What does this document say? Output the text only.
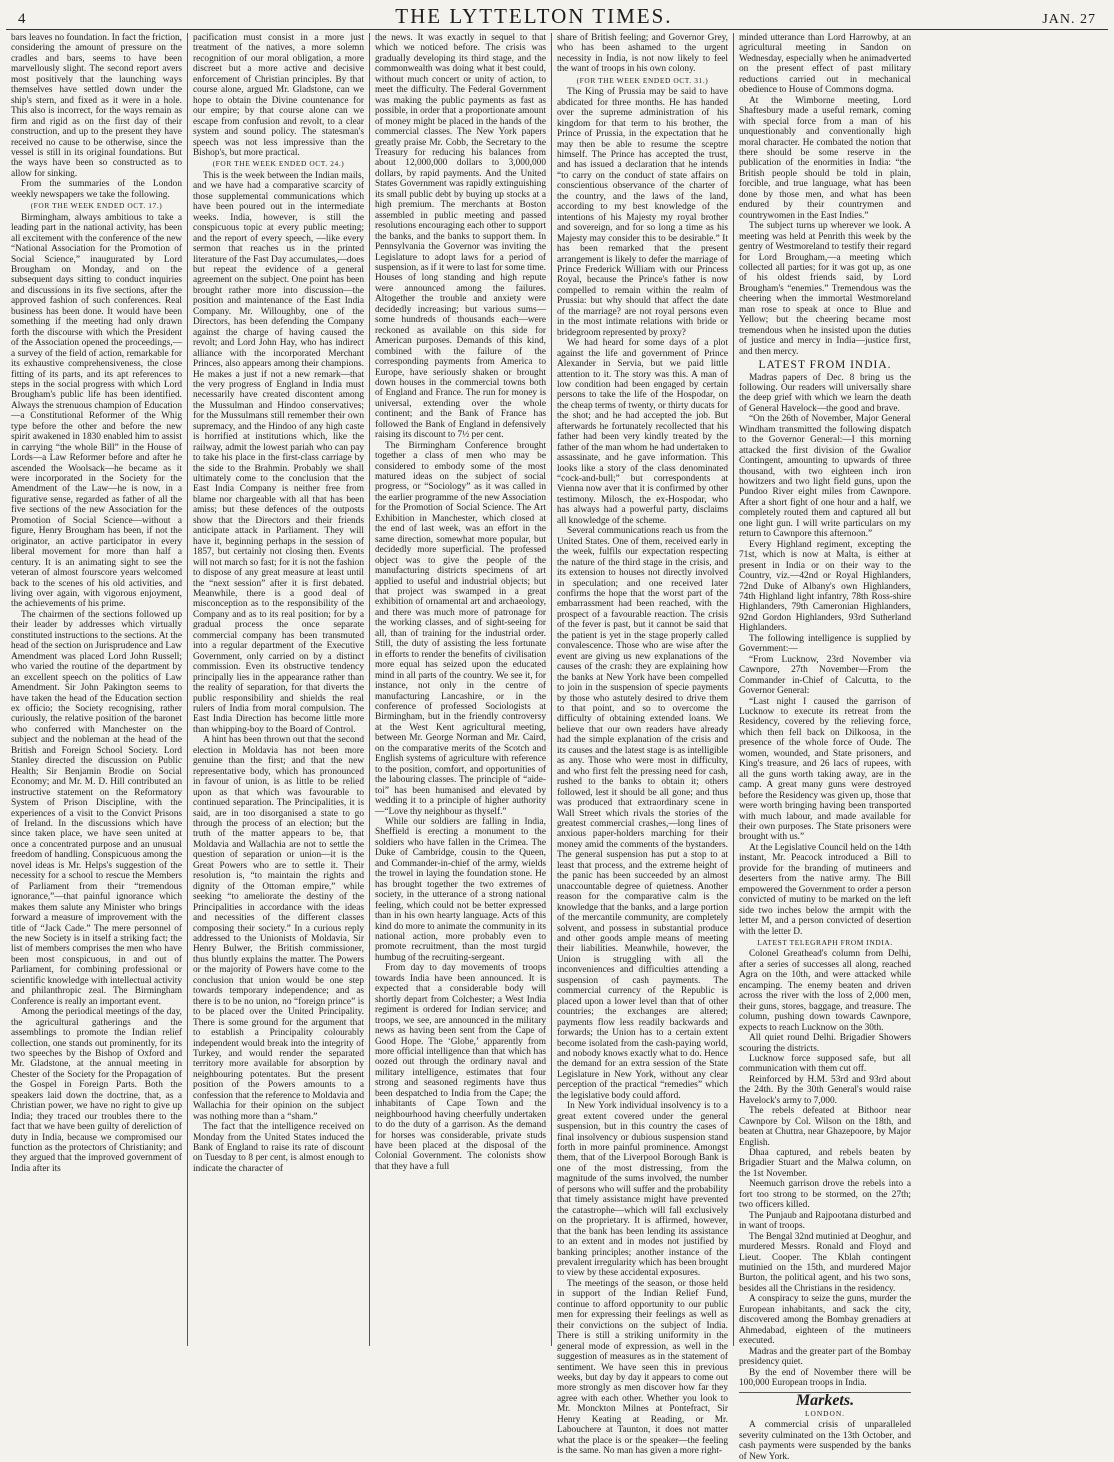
4	THE LYTTELTON TIMES.	JAN. 27

bars leaves no foundation. In fact the friction, considering the amount of pressure on the cradles and bars, seems to have been marvellously slight. The second report avers most positively that the launching ways themselves have settled down under the ship's stern, and fixed as it were in a hole. This also is incorrect, for the ways remain as firm and rigid as on the first day of their construction, and up to the present they have received no cause to be otherwise, since the vessel is still in its original foundations. But the ways have been so constructed as to allow for sinking.

From the summaries of the London weekly newspapers we take the following.

(FOR THE WEEK ENDED OCT. 17.)

Birmingham, always ambitious to take a leading part in the national activity, has been all excitement with the conference of the new “National Association for the Promotion of Social Science,” inaugurated by Lord Brougham on Monday, and on the subsequent days sitting to conduct inquiries and discussions in its five sections, after the approved fashion of such conferences. Real business has been done. It would have been something if the meeting had only drawn forth the discourse with which the President of the Association opened the proceedings,—a survey of the field of action, remarkable for its exhaustive comprehensiveness, the close fitting of its parts, and its apt references to steps in the social progress with which Lord Brougham's public life has been identified. Always the strenuous champion of Education—a Constitutional Reformer of the Whig type before the other and before the new spirit awakened in 1830 enabled him to assist in carrying “the whole Bill” in the House of Lords—a Law Reformer before and after he ascended the Woolsack—he became as it were incorporated in the Society for the Amendment of the Law—he is now, in a figurative sense, regarded as father of all the five sections of the new Association for the Promotion of Social Science—without a figure, Henry Brougham has been, if not the originator, an active participator in every liberal movement for more than half a century. It is an animating sight to see the veteran of almost fourscore years welcomed back to the scenes of his old activities, and living over again, with vigorous enjoyment, the achievements of his prime.

The chairmen of the sections followed up their leader by addresses which virtually constituted instructions to the sections. At the head of the section on Jurisprudence and Law Amendment was placed Lord John Russell; who varied the routine of the department by an excellent speech on the politics of Law Amendment. Sir John Pakington seems to have taken the head of the Education section ex officio; the Society recognising, rather curiously, the relative position of the baronet who conferred with Manchester on the subject and the nobleman at the head of the British and Foreign School Society. Lord Stanley directed the discussion on Public Health; Sir Benjamin Brodie on Social Economy; and Mr. M. D. Hill contributed an instructive statement on the Reformatory System of Prison Discipline, with the experiences of a visit to the Convict Prisons of Ireland. In the discussions which have since taken place, we have seen united at once a concentrated purpose and an unusual freedom of handling. Conspicuous among the novel ideas is Mr. Helps's suggestion of the necessity for a school to rescue the Members of Parliament from their “tremendous ignorance,”—that painful ignorance which makes them salute any Minister who brings forward a measure of improvement with the title of “Jack Cade.” The mere personnel of the new Society is in itself a striking fact; the list of members comprises the men who have been most conspicuous, in and out of Parliament, for combining professional or scientific knowledge with intellectual activity and philanthropic zeal. The Birmingham Conference is really an important event.

Among the periodical meetings of the day, the agricultural gatherings and the assemblings to promote the Indian relief collection, one stands out prominently, for its two speeches by the Bishop of Oxford and Mr. Gladstone, at the annual meeting in Chester of the Society for the Propagation of the Gospel in Foreign Parts. Both the speakers laid down the doctrine, that, as a Christian power, we have no right to give up India; they traced our troubles there to the fact that we have been guilty of dereliction of duty in India, because we compromised our function as the protectors of Christianity; and they argued that the improved government of India after its

pacification must consist in a more just treatment of the natives, a more solemn recognition of our moral obligation, a more discreet but a more active and decisive enforcement of Christian principles. By that course alone, argued Mr. Gladstone, can we hope to obtain the Divine countenance for our empire; by that course alone can we escape from confusion and revolt, to a clear system and sound policy. The statesman's speech was not less impressive than the Bishop's, but more practical.

(FOR THE WEEK ENDED OCT. 24.)

This is the week between the Indian mails, and we have had a comparative scarcity of those supplemental communications which have been poured out in the intermediate weeks. India, however, is still the conspicuous topic at every public meeting; and the report of every speech, —like every sermon that reaches us in the printed literature of the Fast Day accumulates,—does but repeat the evidence of a general agreement on the subject. One point has been brought rather more into discussion—the position and maintenance of the East India Company. Mr. Willoughby, one of the Directors, has been defending the Company against the charge of having caused the revolt; and Lord John Hay, who has indirect alliance with the incorporated Merchant Princes, also appears among their champions. He makes a just if not a new remark—that the very progress of England in India must necessarily have created discontent among the Mussulman and Hindoo conservatives; for the Mussulmans still remember their own supremacy, and the Hindoo of any high caste is horrified at institutions which, like the railway, admit the lowest pariah who can pay to take his place in the first-class carriage by the side to the Brahmin. Probably we shall ultimately come to the conclusion that the East India Company is neither free from blame nor chargeable with all that has been amiss; but these defences of the outposts show that the Directors and their friends anticipate attack in Parliament. They will have it, beginning perhaps in the session of 1857, but certainly not closing then. Events will not march so fast; for it is not the fashion to dispose of any great measure at least until the “next session” after it is first debated. Meanwhile, there is a good deal of misconception as to the responsibility of the Company and as to its real position; for by a gradual process the once separate commercial company has been transmuted into a regular department of the Executive Government, only carried on by a distinct commission. Even its obstructive tendency principally lies in the appearance rather than the reality of separation, for that diverts the public responsibility and shields the real rulers of India from moral compulsion. The East India Direction has become little more than whipping-boy to the Board of Control.

A hint has been thrown out that the second election in Moldavia has not been more genuine than the first; and that the new representative body, which has pronounced in favour of union, is as little to be relied upon as that which was favourable to continued separation. The Principalities, it is said, are in too disorganised a state to go through the process of an election; but the truth of the matter appears to be, that Moldavia and Wallachia are not to settle the question of separation or union—it is the Great Powers who are to settle it. Their resolution is, “to maintain the rights and dignity of the Ottoman empire,” while seeking “to ameliorate the destiny of the Principalities in accordance with the ideas and necessities of the different classes composing their society.” In a curious reply addressed to the Unionists of Moldavia, Sir Henry Bulwer, the British commissioner, thus bluntly explains the matter. The Powers or the majority of Powers have come to the conclusion that union would be one step towards temporary independence; and as there is to be no union, no “foreign prince” is to be placed over the United Principality. There is some ground for the argument that to establish a Principality colourably independent would break into the integrity of Turkey, and would render the separated territory more available for absorption by neighbouring potentates. But the present position of the Powers amounts to a confession that the reference to Moldavia and Wallachia for their opinion on the subject was nothing more than a “sham.”

The fact that the intelligence received on Monday from the United States induced the Bank of England to raise its rate of discount on Tuesday to 8 per cent, is almost enough to indicate the character of

the news. It was exactly in sequel to that which we noticed before. The crisis was gradually developing its third stage, and the commonwealth was doing what it best could, without much concert or unity of action, to meet the difficulty. The Federal Government was making the public payments as fast as possible, in order that a proportionate amount of money might be placed in the hands of the commercial classes. The New York papers greatly praise Mr. Cobb, the Secretary to the Treasury for reducing his balances from about 12,000,000 dollars to 3,000,000 dollars, by rapid payments. And the United States Government was rapidly extinguishing its small public debt by buying up stocks at a high premium. The merchants at Boston assembled in public meeting and passed resolutions encouraging each other to support the banks, and the banks to support them. In Pennsylvania the Governor was inviting the Legislature to adopt laws for a period of suspension, as if it were to last for some time. Houses of long standing and high repute were announced among the failures. Altogether the trouble and anxiety were decidedly increasing; but various sums—some hundreds of thousands each—were reckoned as available on this side for American purposes. Demands of this kind, combined with the failure of the corresponding payments from America to Europe, have seriously shaken or brought down houses in the commercial towns both of England and France. The run for money is universal, extending over the whole continent; and the Bank of France has followed the Bank of England in defensively raising its discount to 7½ per cent.

The Birmingham Conference brought together a class of men who may be considered to embody some of the most matured ideas on the subject of social progress, or “Sociology” as it was called in the earlier programme of the new Association for the Promotion of Social Science. The Art Exhibition in Manchester, which closed at the end of last week, was an effort in the same direction, somewhat more popular, but decidedly more superficial. The professed object was to give the people of the manufacturing districts specimens of art applied to useful and industrial objects; but that project was swamped in a great exhibition of ornamental art and archaeology, and there was much more of patronage for the working classes, and of sight-seeing for all, than of training for the industrial order. Still, the duty of assisting the less fortunate in efforts to render the benefits of civilisation more equal has seized upon the educated mind in all parts of the country. We see it, for instance, not only in the centre of manufacturing Lancashire, or in the conference of professed Sociologists at Birmingham, but in the friendly controversy at the West Kent agricultural meeting, between Mr. George Norman and Mr. Caird, on the comparative merits of the Scotch and English systems of agriculture with reference to the position, comfort, and opportunities of the labouring classes. The principle of “aide-toi” has been humanised and elevated by wedding it to a principle of higher authority—“Love thy neighbour as thyself.”

While our soldiers are falling in India, Sheffield is erecting a monument to the soldiers who have fallen in the Crimea. The Duke of Cambridge, cousin to the Queen, and Commander-in-chief of the army, wields the trowel in laying the foundation stone. He has brought together the two extremes of society, in the utterance of a strong national feeling, which could not be better expressed than in his own hearty language. Acts of this kind do more to animate the community in its national action, more probably even to promote recruitment, than the most turgid humbug of the recruiting-sergeant.

From day to day movements of troops towards India have been announced. It is expected that a considerable body will shortly depart from Colchester; a West India regiment is ordered for Indian service; and troops, we see, are announced in the military news as having been sent from the Cape of Good Hope. The ‘Globe,’ apparently from more official intelligence than that which has oozed out through the ordinary naval and military intelligence, estimates that four strong and seasoned regiments have thus been despatched to India from the Cape; the inhabitants of Cape Town and the neighbourhood having cheerfully undertaken to do the duty of a garrison. As the demand for horses was considerable, private studs have been placed at the disposal of the Colonial Government. The colonists show that they have a full

share of British feeling; and Governor Grey, who has been ashamed to the urgent necessity in India, is not now likely to feel the want of troops in his own colony.

(FOR THE WEEK ENDED OCT. 31.)

The King of Prussia may be said to have abdicated for three months. He has handed over the supreme administration of his kingdom for that term to his brother, the Prince of Prussia, in the expectation that he may then be able to resume the sceptre himself. The Prince has accepted the trust, and has issued a declaration that he intends “to carry on the conduct of state affairs on conscientious observance of the charter of the country, and the laws of the land, according to my best knowledge of the intentions of his Majesty my royal brother and sovereign, and for so long a time as his Majesty may consider this to be desirable.” It has been remarked that the present arrangement is likely to defer the marriage of Prince Frederick William with our Princess Royal, because the Prince's father is now compelled to remain within the realm of Prussia: but why should that affect the date of the marriage? are not royal persons even in the most intimate relations with bride or bridegroom represented by proxy?

We had heard for some days of a plot against the life and government of Prince Alexander in Servia, but we paid little attention to it. The story was this. A man of low condition had been engaged by certain persons to take the life of the Hospodar, on the cheap terms of twenty, or thirty ducats for the shot; and he had accepted the job. But afterwards he fortunately recollected that his father had been very kindly treated by the father of the man whom he had undertaken to assassinate, and he gave information. This looks like a story of the class denominated “cock-and-bull;” but correspondents at Vienna now aver that it is confirmed by other testimony. Milosch, the ex-Hospodar, who has always had a powerful party, disclaims all knowledge of the scheme.

Several communications reach us from the United States. One of them, received early in the week, fulfils our expectation respecting the nature of the third stage in the crisis, and its extension to houses not directly involved in speculation; and one received later confirms the hope that the worst part of the embarrassment had been reached, with the prospect of a favourable reaction. The crisis of the fever is past, but it cannot be said that the patient is yet in the stage properly called convalescence. Those who are wise after the event are giving us new explanations of the causes of the crash: they are explaining how the banks at New York have been compelled to join in the suspension of specie payments by those who astutely desired to drive them to that point, and so to overcome the difficulty of obtaining extended loans. We believe that our own readers have already had the simple explanation of the crisis and its causes and the latest stage is as intelligible as any. Those who were most in difficulty, and who first felt the pressing need for cash, rushed to the banks to obtain it; others followed, lest it should be all gone; and thus was produced that extraordinary scene in Wall Street which rivals the stories of the greatest commercial crashes,—long lines of anxious paper-holders marching for their money amid the comments of the bystanders. The general suspension has put a stop to at least that process, and the extreme height of the panic has been succeeded by an almost unaccountable degree of quietness. Another reason for the comparative calm is the knowledge that the banks, and a large portion of the mercantile community, are completely solvent, and possess in substantial produce and other goods ample means of meeting their liabilities. Meanwhile, however, the Union is struggling with all the inconveniences and difficulties attending a suspension of cash payments. The commercial currency of the Republic is placed upon a lower level than that of other countries; the exchanges are altered; payments flow less readily backwards and forwards; the Union has to a certain extent become isolated from the cash-paying world, and nobody knows exactly what to do. Hence the demand for an extra session of the State Legislature in New York, without any clear perception of the practical “remedies” which the legislative body could afford.

In New York individual insolvency is to a great extent covered under the general suspension, but in this country the cases of final insolvency or dubious suspension stand forth in more painful prominence. Amongst them, that of the Liverpool Borough Bank is one of the most distressing, from the magnitude of the sums involved, the number of persons who will suffer and the probability that timely assistance might have prevented the catastrophe—which will fall exclusively on the proprietary. It is affirmed, however, that the bank has been lending its assistance to an extent and in modes not justified by banking principles; another instance of the prevalent irregularity which has been brought to view by these accidental exposures.

The meetings of the season, or those held in support of the Indian Relief Fund, continue to afford opportunity to our public men for expressing their feelings as well as their convictions on the subject of India. There is still a striking uniformity in the general mode of expression, as well in the suggestion of measures as in the statement of sentiment. We have seen this in previous weeks, but day by day it appears to come out more strongly as men discover how far they agree with each other. Whether you look to Mr. Monckton Milnes at Pontefract, Sir Henry Keating at Reading, or Mr. Labouchere at Taunton, it does not matter what the place is or the speaker—the feeling is the same. No man has given a more right-

minded utterance than Lord Harrowby, at an agricultural meeting in Sandon on Wednesday, especially when he animadverted on the present effect of past military reductions carried out in mechanical obedience to House of Commons dogma.

At the Wimborne meeting, Lord Shaftesbury made a useful remark, coming with special force from a man of his unquestionably and conventionally high moral character. He combated the notion that there should be some reserve in the publication of the enormities in India: “the British people should be told in plain, forcible, and true language, what has been done by those men, and what has been endured by their countrymen and countrywomen in the East Indies.”

The subject turns up wherever we look. A meeting was held at Penrith this week by the gentry of Westmoreland to testify their regard for Lord Brougham,—a meeting which collected all parties; for it was got up, as one of his oldest friends said, by Lord Brougham's “enemies.” Tremendous was the cheering when the immortal Westmoreland man rose to speak at once to Blue and Yellow; but the cheering became most tremendous when he insisted upon the duties of justice and mercy in India—justice first, and then mercy.

LATEST FROM INDIA.

Madras papers of Dec. 8 bring us the following. Our readers will universally share the deep grief with which we learn the death of General Havelock—the good and brave.

“On the 26th of November, Major General Windham transmitted the following dispatch to the Governor General:—I this morning attacked the first division of the Gwalior Contingent, amounting to upwards of three thousand, with two eighteen inch iron howitzers and two light field guns, upon the Pundoo River eight miles from Cawnpore. After a short fight of one hour and a half, we completely routed them and captured all but one light gun. I will write particulars on my return to Cawnpore this afternoon.”

Every Highland regiment, excepting the 71st, which is now at Malta, is either at present in India or on their way to the Country, viz.—42nd or Royal Highlanders, 72nd Duke of Albany's own Highlanders, 74th Highland light infantry, 78th Ross-shire Highlanders, 79th Cameronian Highlanders, 92nd Gordon Highlanders, 93rd Sutherland Highlanders.

The following intelligence is supplied by Government:—

“From Lucknow, 23rd November via Cawnpore, 27th November—From the Commander in-Chief of Calcutta, to the Governor General:

“Last night I caused the garrison of Lucknow to execute its retreat from the Residency, covered by the relieving force, which then fell back on Dilkoosa, in the presence of the whole force of Oude. The women, wounded, and State prisoners, and King's treasure, and 26 lacs of rupees, with all the guns worth taking away, are in the camp. A great many guns were destroyed before the Residency was given up, those that were worth bringing having been transported with much labour, and made available for their own purposes. The State prisoners were brought with us.”

At the Legislative Council held on the 14th instant, Mr. Peacock introduced a Bill to provide for the branding of mutineers and deserters from the native army. The Bill empowered the Government to order a person convicted of mutiny to be marked on the left side two inches below the armpit with the letter M, and a person convicted of desertion with the letter D.

LATEST TELEGRAPH FROM INDIA.

Colonel Greathead's column from Delhi, after a series of successes all along, reached Agra on the 10th, and were attacked while encamping. The enemy beaten and driven across the river with the loss of 2,000 men, their guns, stores, baggage, and treasure. The column, pushing down towards Cawnpore, expects to reach Lucknow on the 30th.

All quiet round Delhi. Brigadier Showers scouring the districts.

Lucknow force supposed safe, but all communication with them cut off.

Reinforced by H.M. 53rd and 93rd about the 24th. By the 30th General's would raise Havelock's army to 7,000.

The rebels defeated at Bithoor near Cawnpore by Col. Wilson on the 18th, and beaten at Chuttra, near Ghazepoore, by Major English.

Dhaa captured, and rebels beaten by Brigadier Stuart and the Malwa column, on the 1st November.

Neemuch garrison drove the rebels into a fort too strong to be stormed, on the 27th; two officers killed.

The Punjaub and Rajpootana disturbed and in want of troops.

The Bengal 32nd mutinied at Deoghur, and murdered Messrs. Ronald and Floyd and Lieut. Cooper. The Kblah contingent mutinied on the 15th, and murdered Major Burton, the political agent, and his two sons, besides all the Christians in the residency.

A conspiracy to seize the guns, murder the European inhabitants, and sack the city, discovered among the Bombay grenadiers at Ahmedabad, eighteen of the mutineers executed.

Madras and the greater part of the Bombay presidency quiet.

By the end of November there will be 100,000 European troops in India.

Markets.
LONDON.

A commercial crisis of unparalleled severity culminated on the 13th October, and cash payments were suspended by the banks of New York.
